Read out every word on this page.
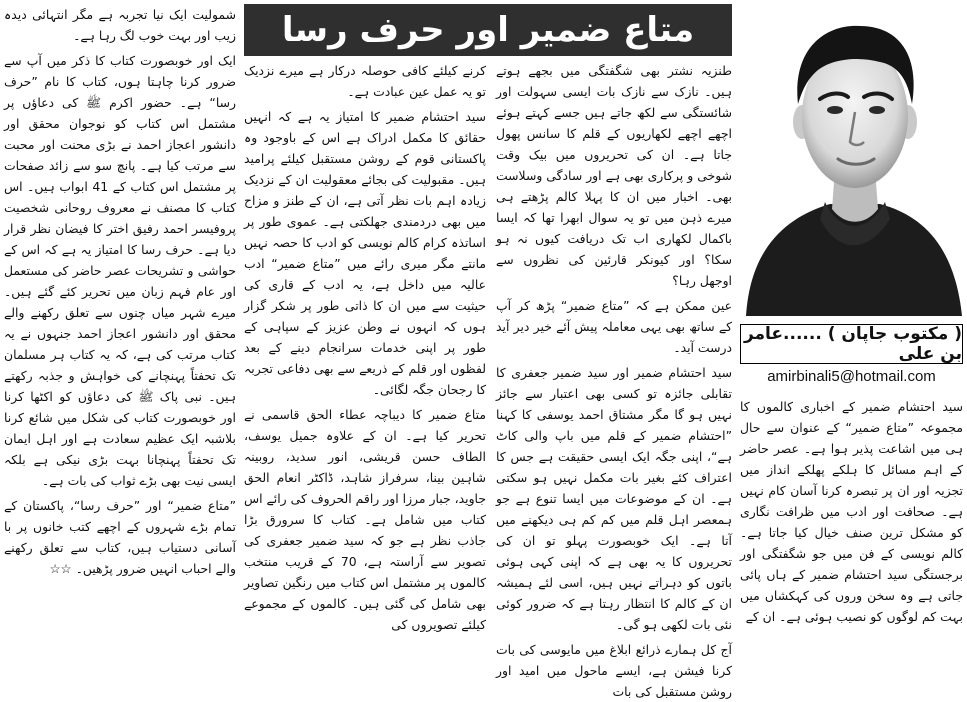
متاع ضمیر اور حرف رسا
( مکتوب جاپان ) ......عامر بن علی
amirbinali5@hotmail.com

سید احتشام ضمیر کے اخباری کالموں کا مجموعہ ”متاع ضمیر“ کے عنوان سے حال ہی میں اشاعت پذیر ہوا ہے۔ عصر حاضر کے اہم مسائل کا ہلکے پھلکے انداز میں تجزیہ اور ان پر تبصرہ کرنا آسان کام نہیں ہے۔ صحافت اور ادب میں ظرافت نگاری کو مشکل ترین صنف خیال کیا جاتا ہے۔ کالم نویسی کے فن میں جو شگفتگی اور برجستگی سید احتشام ضمیر کے ہاں پائی جاتی ہے وہ سخن وروں کی کہکشاں میں بہت کم لوگوں کو نصیب ہوئی ہے۔ ان کے

طنزیہ نشتر بھی شگفتگی میں بجھے ہوتے ہیں۔ نازک سے نازک بات ایسی سہولت اور شائستگی سے لکھ جاتے ہیں جسے کہتے ہوئے اچھے اچھے لکھاریوں کے قلم کا سانس پھول جاتا ہے۔ ان کی تحریروں میں بیک وقت شوخی و پرکاری بھی ہے اور سادگی وسلاست بھی۔ اخبار میں ان کا پہلا کالم پڑھتے ہی میرے ذہن میں تو یہ سوال ابھرا تھا کہ ایسا باکمال لکھاری اب تک دریافت کیوں نہ ہو سکا؟ اور کیونکر قارئین کی نظروں سے اوجھل رہا؟

عین ممکن ہے کہ ”متاع ضمیر“ پڑھ کر آپ کے ساتھ بھی یہی معاملہ پیش آئے خیر دیر آید درست آید۔

سید احتشام ضمیر اور سید ضمیر جعفری کا تقابلی جائزہ تو کسی بھی اعتبار سے جائز نہیں ہو گا مگر مشتاق احمد یوسفی کا کہنا ”احتشام ضمیر کے قلم میں باپ والی کاٹ ہے“، اپنی جگہ ایک ایسی حقیقت ہے جس کا اعتراف کئے بغیر بات مکمل نہیں ہو سکتی ہے۔ ان کے موضوعات میں ایسا تنوع ہے جو ہمعصر اہل قلم میں کم کم ہی دیکھنے میں آتا ہے۔ ایک خوبصورت پہلو تو ان کی تحریروں کا یہ بھی ہے کہ اپنی کہی ہوئی باتوں کو دہراتے نہیں ہیں، اسی لئے ہمیشہ ان کے کالم کا انتظار رہتا ہے کہ ضرور کوئی نئی بات لکھی ہو گی۔

آج کل ہمارے ذرائع ابلاغ میں مایوسی کی بات کرنا فیشن ہے، ایسے ماحول میں امید اور روشن مستقبل کی بات

کرنے کیلئے کافی حوصلہ درکار ہے میرے نزدیک تو یہ عمل عین عبادت ہے۔

سید احتشام ضمیر کا امتیاز یہ ہے کہ انہیں حقائق کا مکمل ادراک ہے اس کے باوجود وہ پاکستانی قوم کے روشن مستقبل کیلئے پرامید ہیں۔ مقبولیت کی بجائے معقولیت ان کے نزدیک زیادہ اہم بات نظر آتی ہے، ان کے طنز و مزاح میں بھی دردمندی جھلکتی ہے۔ عموی طور پر اساتذہ کرام کالم نویسی کو ادب کا حصہ نہیں مانتے مگر میری رائے میں ”متاع ضمیر“ ادب عالیہ میں داخل ہے، یہ ادب کے قاری کی حیثیت سے میں ان کا ذاتی طور پر شکر گزار ہوں کہ انہوں نے وطن عزیز کے سپاہی کے طور پر اپنی خدمات سرانجام دینے کے بعد لفظوں اور قلم کے ذریعے سے بھی دفاعی تجربہ کا رجحان جگہ لگائی۔

متاع ضمیر کا دیباچہ عطاء الحق قاسمی نے تحریر کیا ہے۔ ان کے علاوہ جمیل یوسف، الطاف حسن قریشی، انور سدید، روبینہ شاہین بینا، سرفراز شاہد، ڈاکٹر انعام الحق جاوید، جبار مرزا اور راقم الحروف کی رائے اس کتاب میں شامل ہے۔ کتاب کا سرورق بڑا جاذب نظر ہے جو کہ سید ضمیر جعفری کی تصویر سے آراستہ ہے، 70 کے قریب منتخب کالموں پر مشتمل اس کتاب میں رنگین تصاویر بھی شامل کی گئی ہیں۔ کالموں کے مجموعے کیلئے تصویروں کی

شمولیت ایک نیا تجربہ ہے مگر انتہائی دیدہ زیب اور بہت خوب لگ رہا ہے۔

ایک اور خوبصورت کتاب کا ذکر میں آپ سے ضرور کرنا چاہتا ہوں، کتاب کا نام ”حرف رسا“ ہے۔ حضور اکرم ﷺ کی دعاؤں پر مشتمل اس کتاب کو نوجوان محقق اور دانشور اعجاز احمد نے بڑی محنت اور محبت سے مرتب کیا ہے۔ پانچ سو سے زائد صفحات پر مشتمل اس کتاب کے 41 ابواب ہیں۔ اس کتاب کا مصنف نے معروف روحانی شخصیت پروفیسر احمد رفیق اختر کا فیضان نظر قرار دیا ہے۔ حرف رسا کا امتیاز یہ ہے کہ اس کے حواشی و تشریحات عصر حاضر کی مستعمل اور عام فہم زبان میں تحریر کئے گئے ہیں۔ میرے شہر میاں چنوں سے تعلق رکھنے والے محقق اور دانشور اعجاز احمد جنہوں نے یہ کتاب مرتب کی ہے، کہ یہ کتاب ہر مسلمان تک تحفتاً پہنچانے کی خواہش و جذبہ رکھتے ہیں۔ نبی پاک ﷺ کی دعاؤں کو اکٹھا کرنا اور خوبصورت کتاب کی شکل میں شائع کرنا بلاشبہ ایک عظیم سعادت ہے اور اہل ایمان تک تحفتاً پہنچانا بہت بڑی نیکی ہے بلکہ ایسی نیت بھی بڑے ثواب کی بات ہے۔

”متاع ضمیر“ اور ”حرف رسا“، پاکستان کے تمام بڑے شہروں کے اچھے کتب خانوں پر با آسانی دستیاب ہیں، کتاب سے تعلق رکھنے والے احباب انہیں ضرور پڑھیں۔ ☆☆
